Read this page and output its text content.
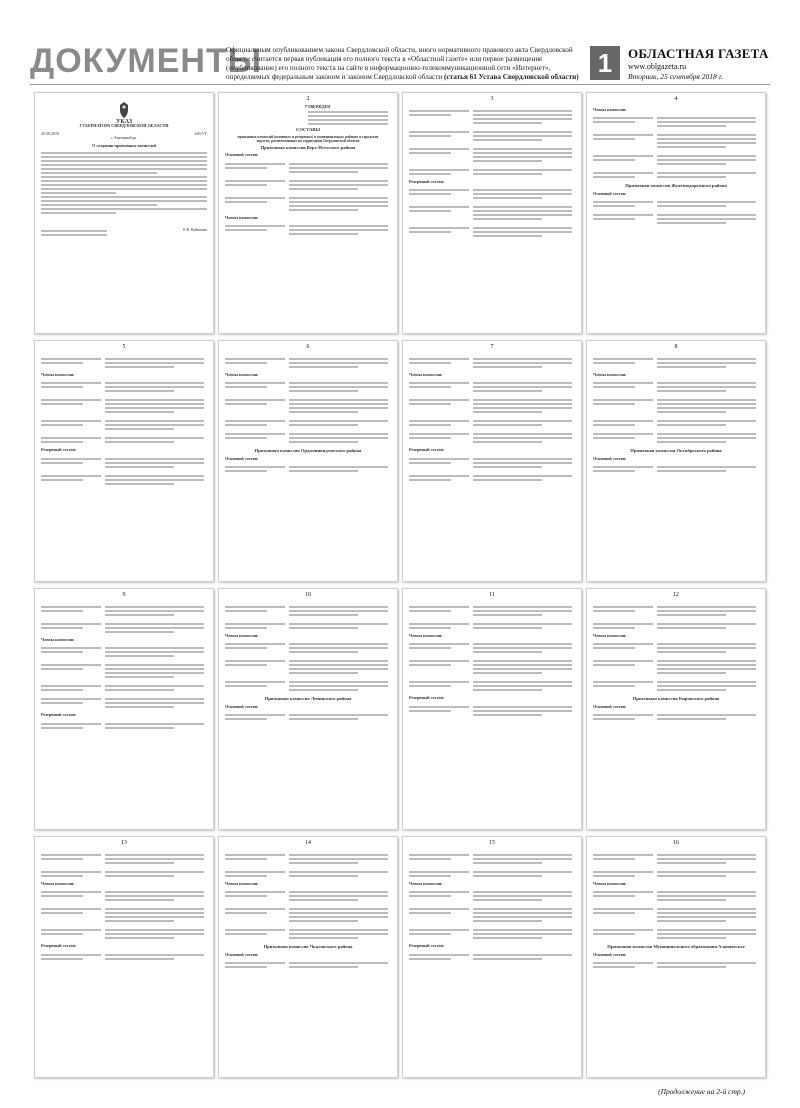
ДОКУМЕНТЫ
Официальным опубликованием закона Свердловской области, иного нормативного правового акта Свердловской области считается первая публикация его полного текста в «Областной газете» или первое размещение (опубликование) его полного текста на сайте в информационно-телекоммуникационной сети «Интернет», определяемых федеральным законом и законом Свердловской области (статья 61 Устава Свердловской области) 1	ОБЛАСТНАЯ ГАЗЕТА
www.oblgazeta.ru
Вторник, 25 сентября 2018 г.
УКАЗ
ГУБЕРНАТОРА СВЕРДЛОВСКОЙ ОБЛАСТИ
20.09.2018	446-УГ
г. Екатеринбург
О создании призывных комиссий
Е.В. Куйвашев
2
УТВЕРЖДЕН
СОСТАВЫ
призывных комиссий (основных и резервных) в муниципальных районах и городских округах, расположенных на территории Свердловской области
Призывная комиссия Верх-Исетского района
Основной состав:
Члены комиссии:
3
Резервный состав:
4
Члены комиссии:
Призывная комиссия Железнодорожного района
Основной состав:
5
Члены комиссии:
Резервный состав:
6
Члены комиссии:
Призывная комиссия Орджоникидзевского района
Основной состав:
7
Члены комиссии:
Резервный состав:
8
Члены комиссии:
Призывная комиссия Октябрьского района
Основной состав:
9
Члены комиссии:
Резервный состав:
10
Члены комиссии:
Призывная комиссия Ленинского района
Основной состав:
11
Члены комиссии:
Резервный состав:
12
Члены комиссии:
Призывная комиссия Кировского района
Основной состав:
13
Члены комиссии:
Резервный состав:
14
Члены комиссии:
Призывная комиссия Чкаловского района
Основной состав:
15
Члены комиссии:
Резервный состав:
16
Члены комиссии:
Призывная комиссия Муниципального образования Алапаевское
Основной состав:
(Продолжение на 2-й стр.)
